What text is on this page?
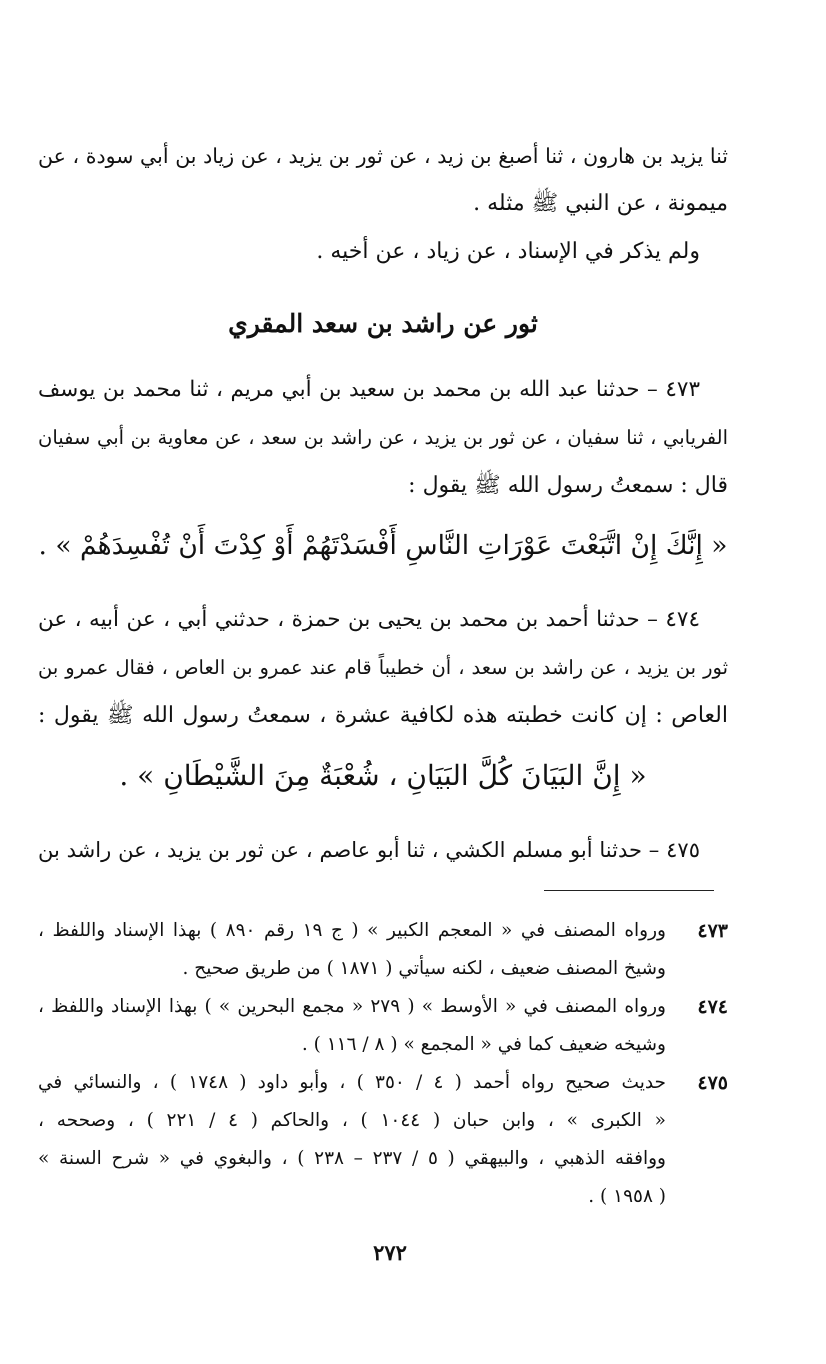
ثنا يزيد بن هارون ، ثنا أصبغ بن زيد ، عن ثور بن يزيد ، عن زياد بن أبي سودة ، عن
ميمونة ، عن النبي ﷺ مثله .
ولم يذكر في الإسناد ، عن زياد ، عن أخيه .
ثور عن راشد بن سعد المقري
٤٧٣ – حدثنا عبد الله بن محمد بن سعيد بن أبي مريم ، ثنا محمد بن يوسف
الفريابي ، ثنا سفيان ، عن ثور بن يزيد ، عن راشد بن سعد ، عن معاوية بن أبي سفيان
قال : سمعتُ رسول الله ﷺ يقول :
« إِنَّكَ إِنْ اتَّبَعْتَ عَوْرَاتِ النَّاسِ أَفْسَدْتَهُمْ أَوْ كِدْتَ أَنْ تُفْسِدَهُمْ » .
٤٧٤ – حدثنا أحمد بن محمد بن يحيى بن حمزة ، حدثني أبي ، عن أبيه ، عن
ثور بن يزيد ، عن راشد بن سعد ، أن خطيباً قام عند عمرو بن العاص ، فقال عمرو بن
العاص : إن كانت خطبته هذه لكافية عشرة ، سمعتُ رسول الله ﷺ يقول :
« إِنَّ البَيَانَ كُلَّ البَيَانِ ، شُعْبَةٌ مِنَ الشَّيْطَانِ » .
٤٧٥ – حدثنا أبو مسلم الكشي ، ثنا أبو عاصم ، عن ثور بن يزيد ، عن راشد بن
٤٧٣
ورواه المصنف في « المعجم الكبير » ( ج ١٩ رقم ٨٩٠ ) بهذا الإسناد واللفظ ،
وشيخ المصنف ضعيف ، لكنه سيأتي ( ١٨٧١ ) من طريق صحيح .
٤٧٤
ورواه المصنف في « الأوسط » ( ٢٧٩ « مجمع البحرين » ) بهذا الإسناد واللفظ ،
وشيخه ضعيف كما في « المجمع » ( ٨ / ١١٦ ) .
٤٧٥
حديث صحيح رواه أحمد ( ٤ / ٣٥٠ ) ، وأبو داود ( ١٧٤٨ ) ، والنسائي في
« الكبرى » ، وابن حبان ( ١٠٤٤ ) ، والحاكم ( ٤ / ٢٢١ ) ، وصححه ،
ووافقه الذهبي ، والبيهقي ( ٥ / ٢٣٧ – ٢٣٨ ) ، والبغوي في « شرح السنة »
( ١٩٥٨ ) .
٢٧٢
